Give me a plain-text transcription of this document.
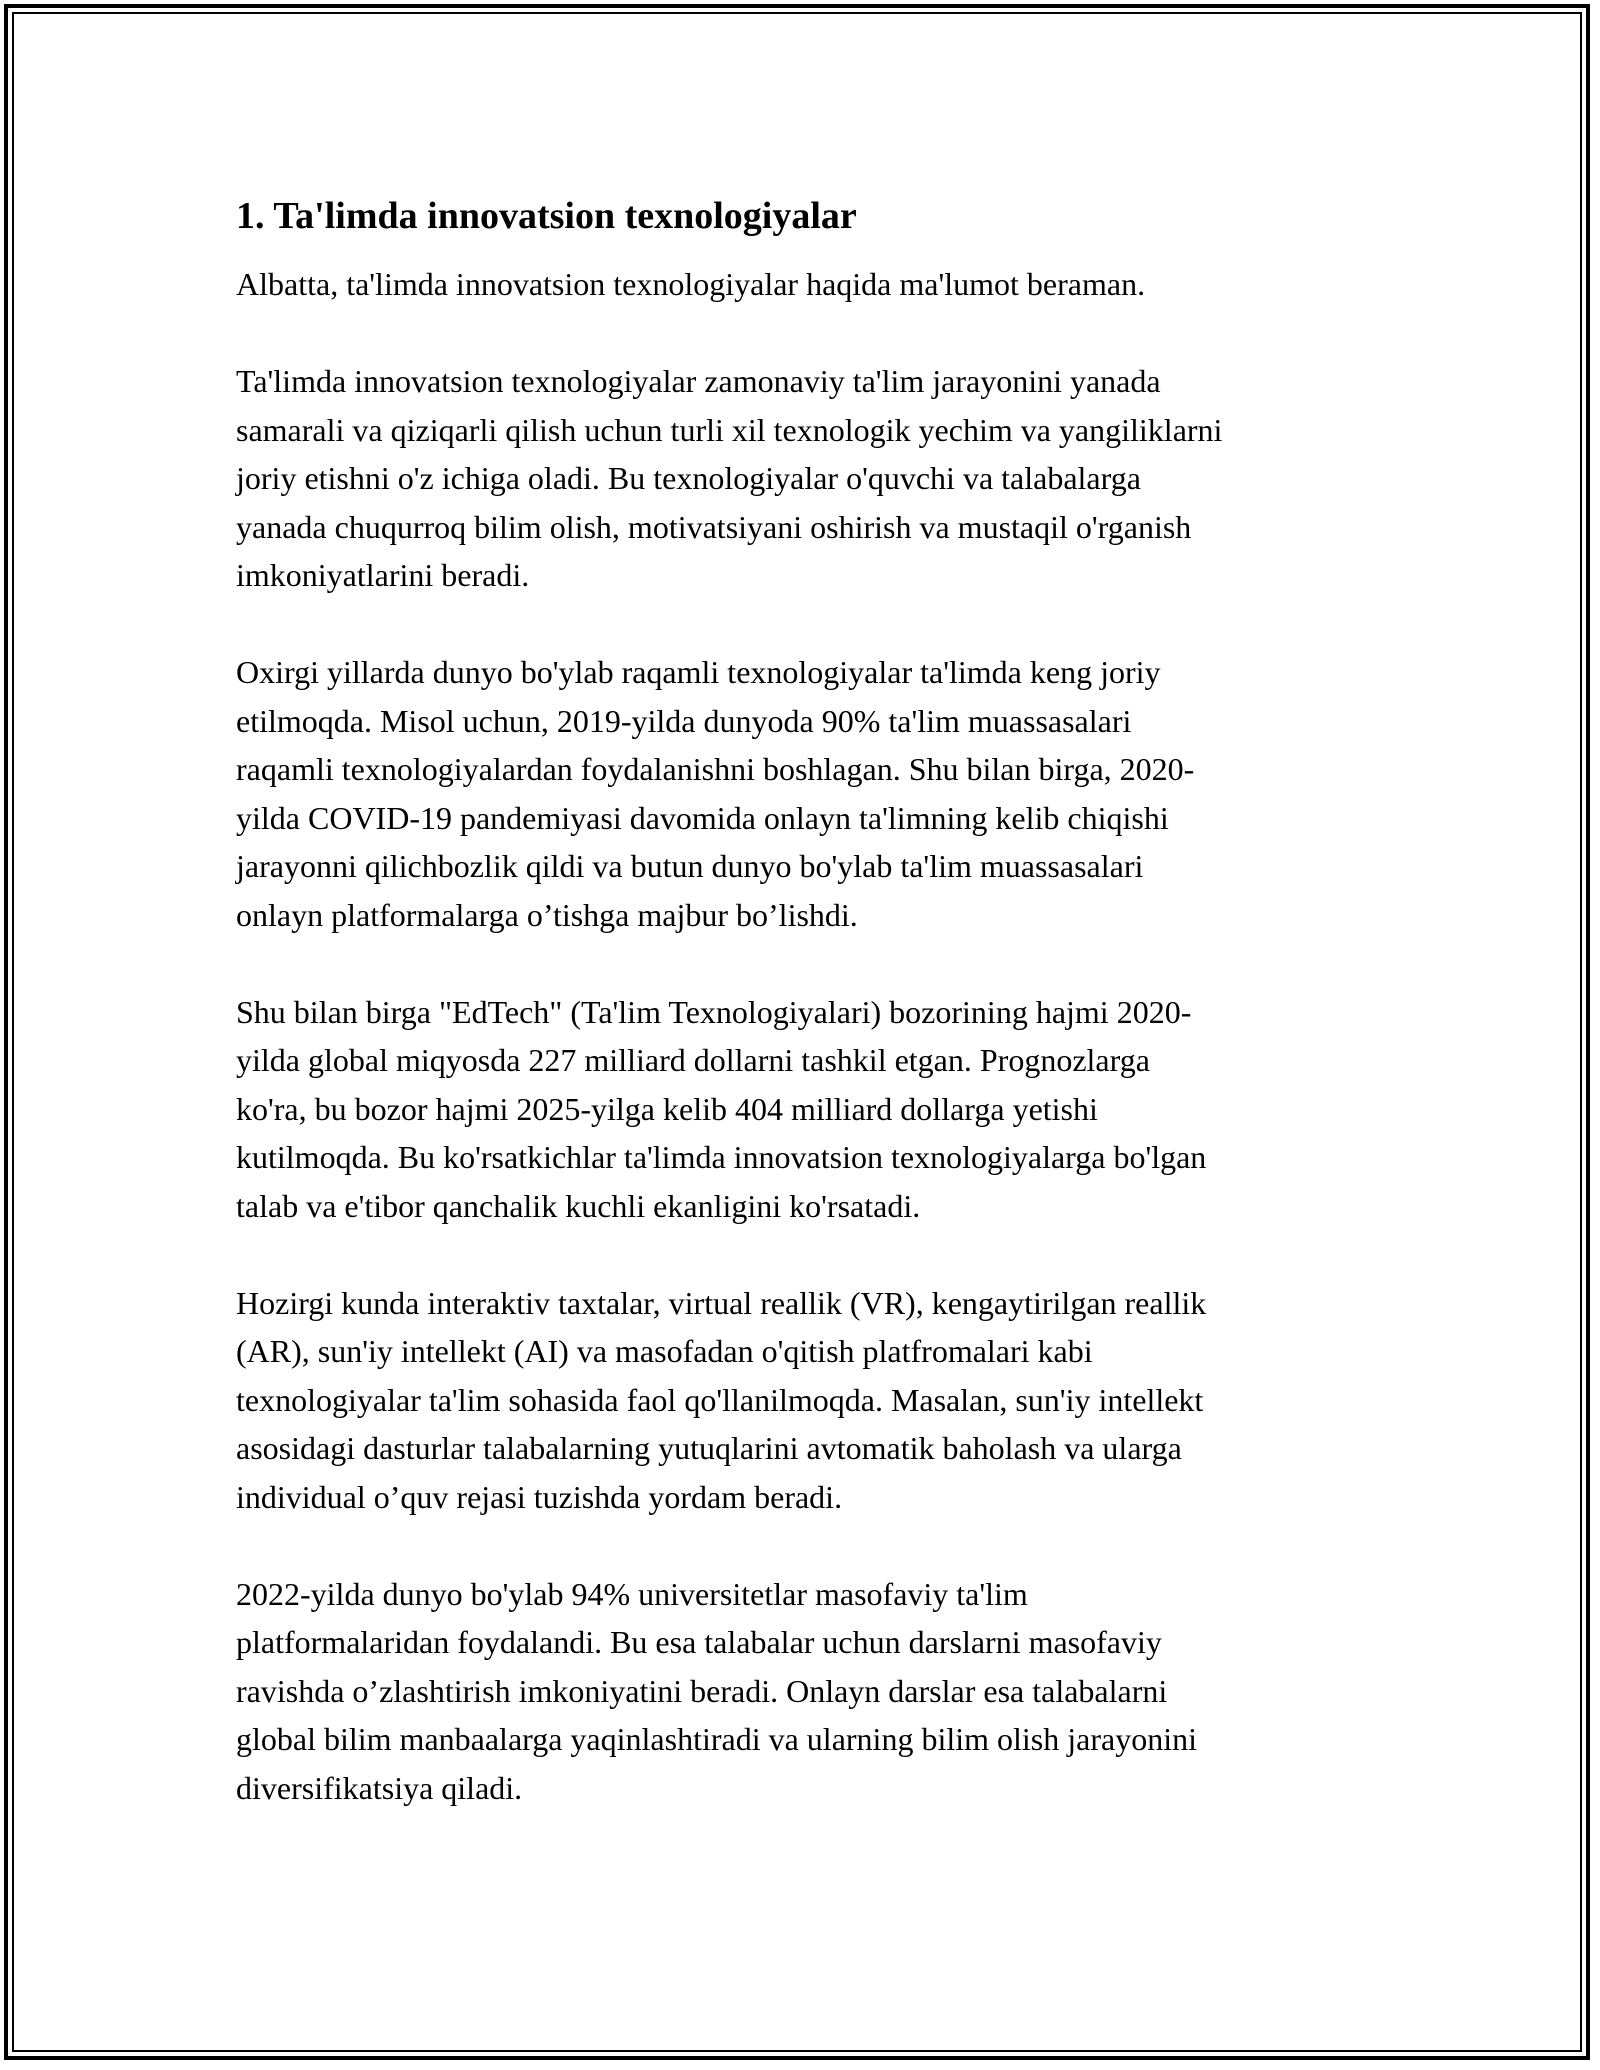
1. Ta'limda innovatsion texnologiyalar

Albatta, ta'limda innovatsion texnologiyalar haqida ma'lumot beraman.

Ta'limda innovatsion texnologiyalar zamonaviy ta'lim jarayonini yanada
samarali va qiziqarli qilish uchun turli xil texnologik yechim va yangiliklarni
joriy etishni o'z ichiga oladi. Bu texnologiyalar o'quvchi va talabalarga
yanada chuqurroq bilim olish, motivatsiyani oshirish va mustaqil o'rganish
imkoniyatlarini beradi.

Oxirgi yillarda dunyo bo'ylab raqamli texnologiyalar ta'limda keng joriy
etilmoqda. Misol uchun, 2019-yilda dunyoda 90% ta'lim muassasalari
raqamli texnologiyalardan foydalanishni boshlagan. Shu bilan birga, 2020-
yilda COVID-19 pandemiyasi davomida onlayn ta'limning kelib chiqishi
jarayonni qilichbozlik qildi va butun dunyo bo'ylab ta'lim muassasalari
onlayn platformalarga o’tishga majbur bo’lishdi.

Shu bilan birga "EdTech" (Ta'lim Texnologiyalari) bozorining hajmi 2020-
yilda global miqyosda 227 milliard dollarni tashkil etgan. Prognozlarga
ko'ra, bu bozor hajmi 2025-yilga kelib 404 milliard dollarga yetishi
kutilmoqda. Bu ko'rsatkichlar ta'limda innovatsion texnologiyalarga bo'lgan
talab va e'tibor qanchalik kuchli ekanligini ko'rsatadi.

Hozirgi kunda interaktiv taxtalar, virtual reallik (VR), kengaytirilgan reallik
(AR), sun'iy intellekt (AI) va masofadan o'qitish platfromalari kabi
texnologiyalar ta'lim sohasida faol qo'llanilmoqda. Masalan, sun'iy intellekt
asosidagi dasturlar talabalarning yutuqlarini avtomatik baholash va ularga
individual o’quv rejasi tuzishda yordam beradi.

2022-yilda dunyo bo'ylab 94% universitetlar masofaviy ta'lim
platformalaridan foydalandi. Bu esa talabalar uchun darslarni masofaviy
ravishda o’zlashtirish imkoniyatini beradi. Onlayn darslar esa talabalarni
global bilim manbaalarga yaqinlashtiradi va ularning bilim olish jarayonini
diversifikatsiya qiladi.
